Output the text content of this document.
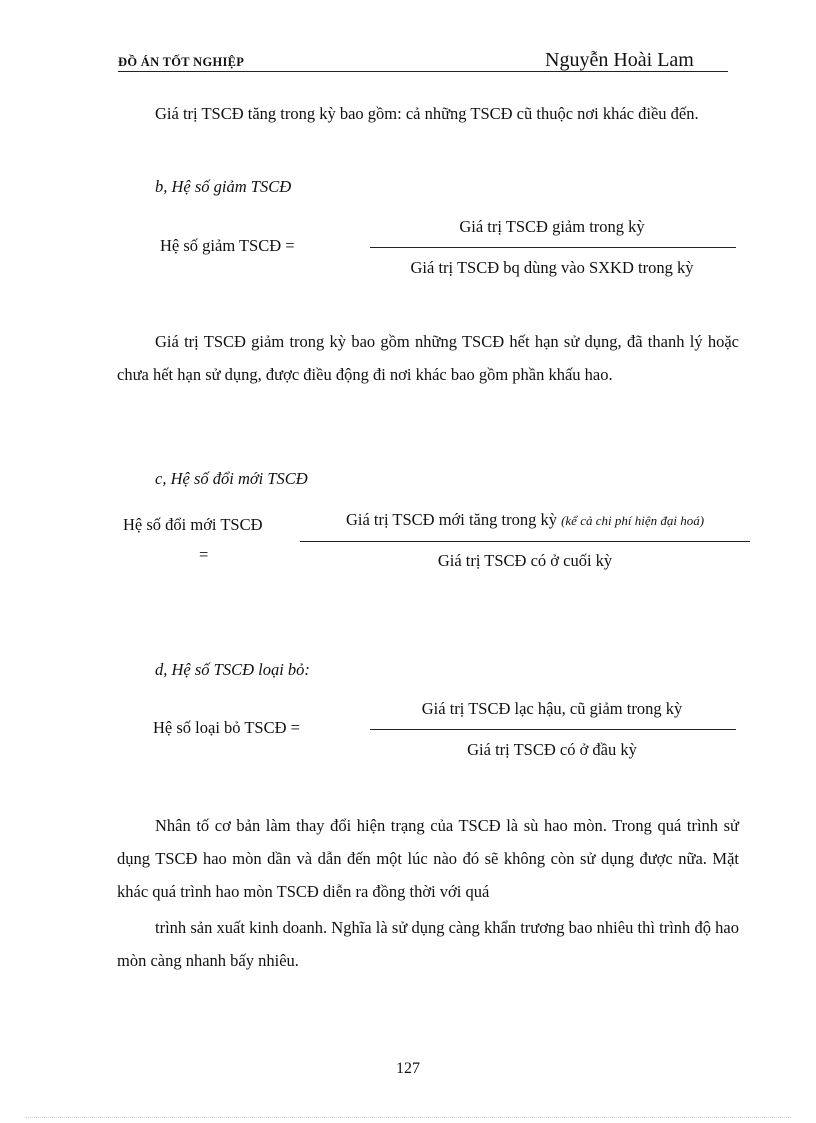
ĐỒ ÁN TỐT NGHIỆP	Nguyễn Hoài Lam

Giá trị TSCĐ tăng trong kỳ bao gồm: cả những TSCĐ cũ thuộc nơi khác điều đến.

b, Hệ số giảm TSCĐ
Hệ số giảm TSCĐ =
Giá trị TSCĐ giảm trong kỳ
Giá trị TSCĐ bq dùng vào SXKD trong kỳ

Giá trị TSCĐ giảm trong kỳ bao gồm những TSCĐ hết hạn sử dụng, đã thanh lý hoặc chưa hết hạn sử dụng, được điều động đi nơi khác bao gồm phần khấu hao.

c, Hệ số đổi mới TSCĐ
Hệ số đổi mới TSCĐ
=
Giá trị TSCĐ mới tăng trong kỳ (kể cả chi phí hiện đại hoá)
Giá trị TSCĐ có ở cuối kỳ
d, Hệ số TSCĐ loại bỏ:
Hệ số loại bỏ TSCĐ =
Giá trị TSCĐ lạc hậu, cũ giảm trong kỳ
Giá trị TSCĐ có ở đầu kỳ

Nhân tố cơ bản làm thay đổi hiện trạng của TSCĐ là sù hao mòn. Trong quá trình sử dụng TSCĐ hao mòn dần và dẫn đến một lúc nào đó sẽ không còn sử dụng được nữa. Mặt khác quá trình hao mòn TSCĐ diễn ra đồng thời với quá

trình sản xuất kinh doanh. Nghĩa là sử dụng càng khẩn trương bao nhiêu thì trình độ hao mòn càng nhanh bấy nhiêu.

127
